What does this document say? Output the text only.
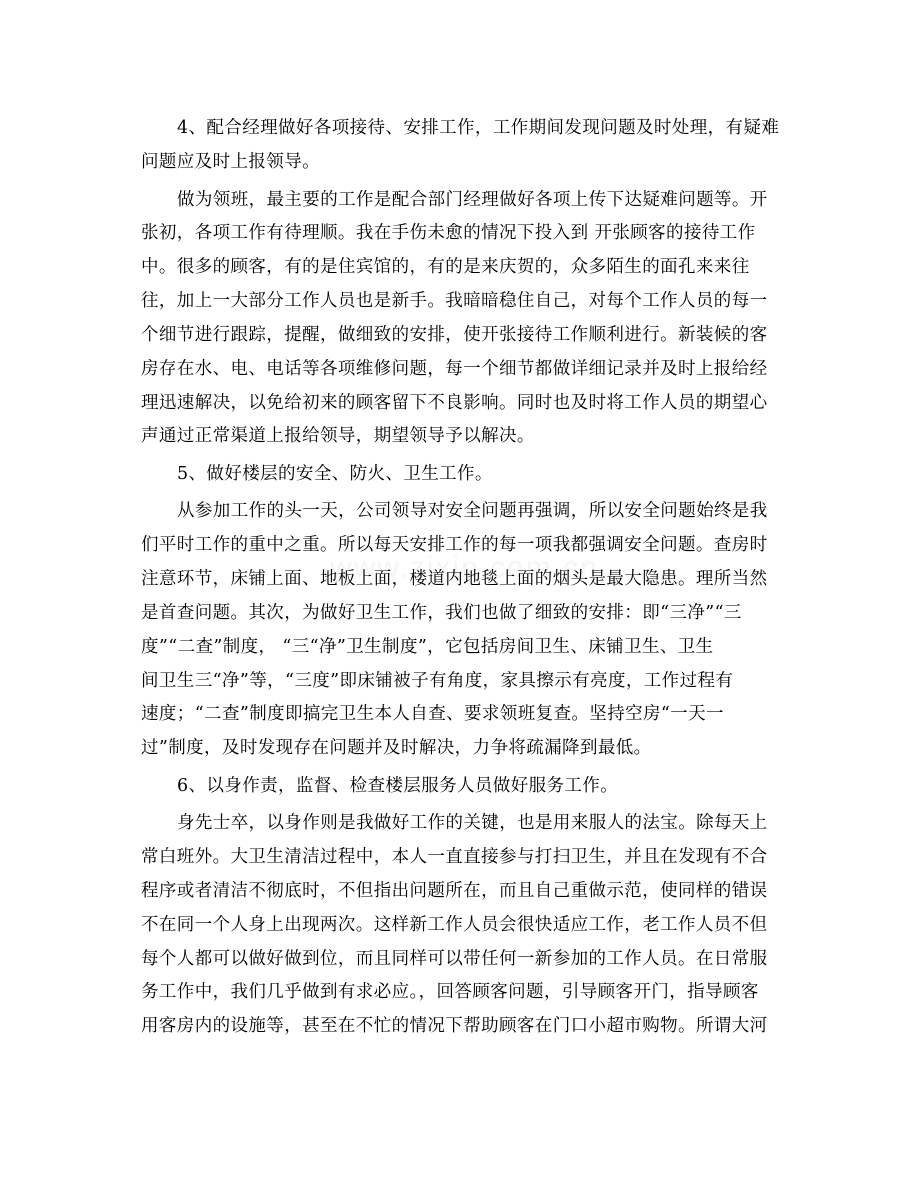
4、配合经理做好各项接待、安排工作，工作期间发现问题及时处理，有疑难
问题应及时上报领导。
做为领班，最主要的工作是配合部门经理做好各项上传下达疑难问题等。开
张初，各项工作有待理顺。我在手伤未愈的情况下投入到 开张顾客的接待工作
中。很多的顾客，有的是住宾馆的，有的是来庆贺的，众多陌生的面孔来来往
往，加上一大部分工作人员也是新手。我暗暗稳住自己，对每个工作人员的每一
个细节进行跟踪，提醒，做细致的安排，使开张接待工作顺利进行。新装候的客
房存在水、电、电话等各项维修问题，每一个细节都做详细记录并及时上报给经
理迅速解决，以免给初来的顾客留下不良影响。同时也及时将工作人员的期望心
声通过正常渠道上报给领导，期望领导予以解决。
5、做好楼层的安全、防火、卫生工作。
从参加工作的头一天，公司领导对安全问题再强调，所以安全问题始终是我
们平时工作的重中之重。所以每天安排工作的每一项我都强调安全问题。查房时
注意环节，床铺上面、地板上面，楼道内地毯上面的烟头是最大隐患。理所当然
是首查问题。其次，为做好卫生工作，我们也做了细致的安排：即“三净”“三
度”“二查”制度， “三“净”卫生制度”，它包括房间卫生、床铺卫生、卫生
间卫生三“净”等，“三度”即床铺被子有角度，家具擦示有亮度，工作过程有
速度；“二查”制度即搞完卫生本人自查、要求领班复查。坚持空房“一天一
过”制度，及时发现存在问题并及时解决，力争将疏漏降到最低。
6、以身作责，监督、检查楼层服务人员做好服务工作。
身先士卒，以身作则是我做好工作的关键，也是用来服人的法宝。除每天上
常白班外。大卫生清洁过程中，本人一直直接参与打扫卫生，并且在发现有不合
程序或者清洁不彻底时，不但指出问题所在，而且自己重做示范，使同样的错误
不在同一个人身上出现两次。这样新工作人员会很快适应工作，老工作人员不但
每个人都可以做好做到位，而且同样可以带任何一新参加的工作人员。在日常服
务工作中，我们几乎做到有求必应。，回答顾客问题，引导顾客开门，指导顾客
用客房内的设施等，甚至在不忙的情况下帮助顾客在门口小超市购物。所谓大河
